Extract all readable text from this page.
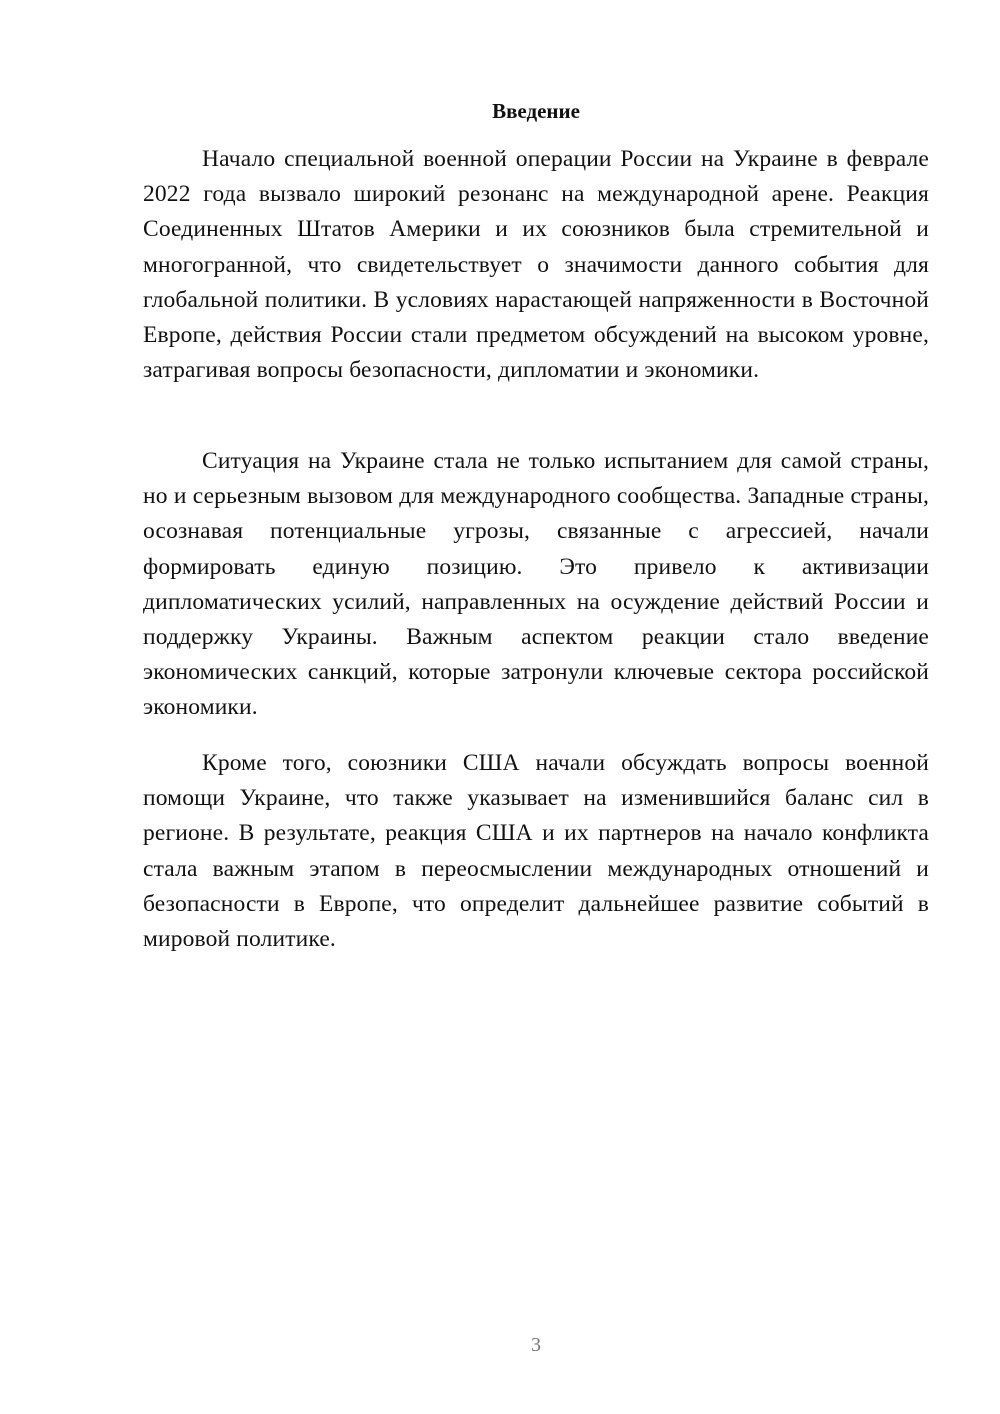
Введение

Начало специальной военной операции России на Украине в феврале 2022 года вызвало широкий резонанс на международной арене. Реакция Соединенных Штатов Америки и их союзников была стремительной и многогранной, что свидетельствует о значимости данного события для глобальной политики. В условиях нарастающей напряженности в Восточной Европе, действия России стали предметом обсуждений на высоком уровне, затрагивая вопросы безопасности, дипломатии и экономики.

Ситуация на Украине стала не только испытанием для самой страны, но и серьезным вызовом для международного сообщества. Западные страны, осознавая потенциальные угрозы, связанные с агрессией, начали формировать единую позицию. Это привело к активизации дипломатических усилий, направленных на осуждение действий России и поддержку Украины. Важным аспектом реакции стало введение экономических санкций, которые затронули ключевые сектора российской экономики.

Кроме того, союзники США начали обсуждать вопросы военной помощи Украине, что также указывает на изменившийся баланс сил в регионе. В результате, реакция США и их партнеров на начало конфликта стала важным этапом в переосмыслении международных отношений и безопасности в Европе, что определит дальнейшее развитие событий в мировой политике.

3
